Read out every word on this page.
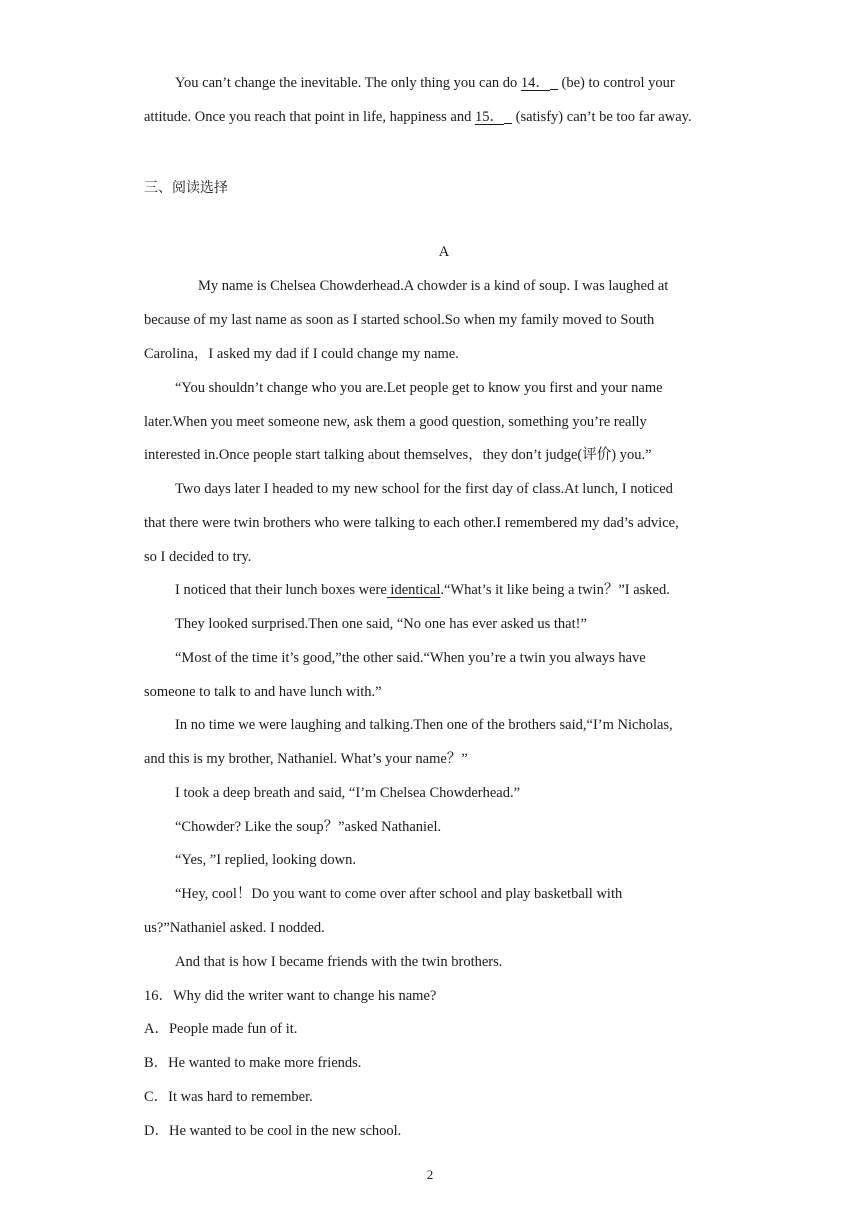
You can’t change the inevitable. The only thing you can do 14． (be) to control your
attitude. Once you reach that point in life, happiness and 15． (satisfy) can’t be too far away.
三、阅读选择
A
My name is Chelsea Chowderhead.A chowder is a kind of soup. I was laughed at
because of my last name as soon as I started school.So when my family moved to South
Carolina，I asked my dad if I could change my name.
“You shouldn’t change who you are.Let people get to know you first and your name
later.When you meet someone new, ask them a good question, something you’re really
interested in.Once people start talking about themselves，they don’t judge(评价) you.”
Two days later I headed to my new school for the first day of class.At lunch, I noticed
that there were twin brothers who were talking to each other.I remembered my dad’s advice,
so I decided to try.
I noticed that their lunch boxes were identical.“What’s it like being a twin？”I asked.
They looked surprised.Then one said, “No one has ever asked us that!”
“Most of the time it’s good,”the other said.“When you’re a twin you always have
someone to talk to and have lunch with.”
In no time we were laughing and talking.Then one of the brothers said,“I’m Nicholas,
and this is my brother, Nathaniel. What’s your name？”
I took a deep breath and said, “I’m Chelsea Chowderhead.”
“Chowder? Like the soup？”asked Nathaniel.
“Yes, ”I replied, looking down.
“Hey, cool！Do you want to come over after school and play basketball with
us?”Nathaniel asked. I nodded.
And that is how I became friends with the twin brothers.
16．Why did the writer want to change his name?
A．People made fun of it.
B．He wanted to make more friends.
C．It was hard to remember.
D．He wanted to be cool in the new school.
2
